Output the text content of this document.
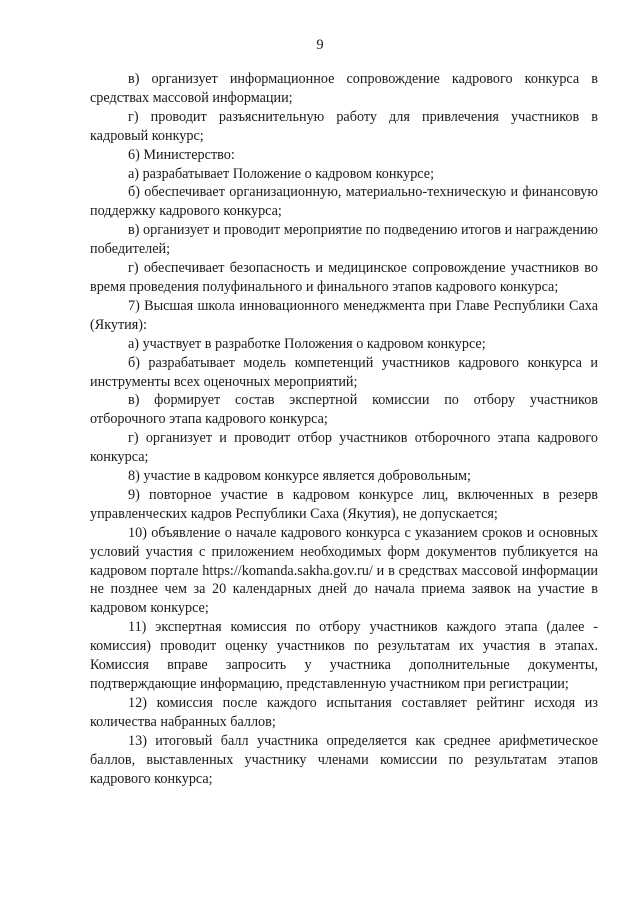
9

в) организует информационное сопровождение кадрового конкурса в средствах массовой информации;

г) проводит разъяснительную работу для привлечения участников в кадровый конкурс;

6) Министерство:

а) разрабатывает Положение о кадровом конкурсе;

б) обеспечивает организационную, материально-техническую и финансовую поддержку кадрового конкурса;

в) организует и проводит мероприятие по подведению итогов и награждению победителей;

г) обеспечивает безопасность и медицинское сопровождение участников во время проведения полуфинального и финального этапов кадрового конкурса;

7) Высшая школа инновационного менеджмента при Главе Республики Саха (Якутия):

а) участвует в разработке Положения о кадровом конкурсе;

б) разрабатывает модель компетенций участников кадрового конкурса и инструменты всех оценочных мероприятий;

в) формирует состав экспертной комиссии по отбору участников отборочного этапа кадрового конкурса;

г) организует и проводит отбор участников отборочного этапа кадрового конкурса;

8) участие в кадровом конкурсе является добровольным;

9) повторное участие в кадровом конкурсе лиц, включенных в резерв управленческих кадров Республики Саха (Якутия), не допускается;

10) объявление о начале кадрового конкурса с указанием сроков и основных условий участия с приложением необходимых форм документов публикуется на кадровом портале https://komanda.sakha.gov.ru/ и в средствах массовой информации не позднее чем за 20 календарных дней до начала приема заявок на участие в кадровом конкурсе;

11) экспертная комиссия по отбору участников каждого этапа (далее - комиссия) проводит оценку участников по результатам их участия в этапах. Комиссия вправе запросить у участника дополнительные документы, подтверждающие информацию, представленную участником при регистрации;

12) комиссия после каждого испытания составляет рейтинг исходя из количества набранных баллов;

13) итоговый балл участника определяется как среднее арифметическое баллов, выставленных участнику членами комиссии по результатам этапов кадрового конкурса;
